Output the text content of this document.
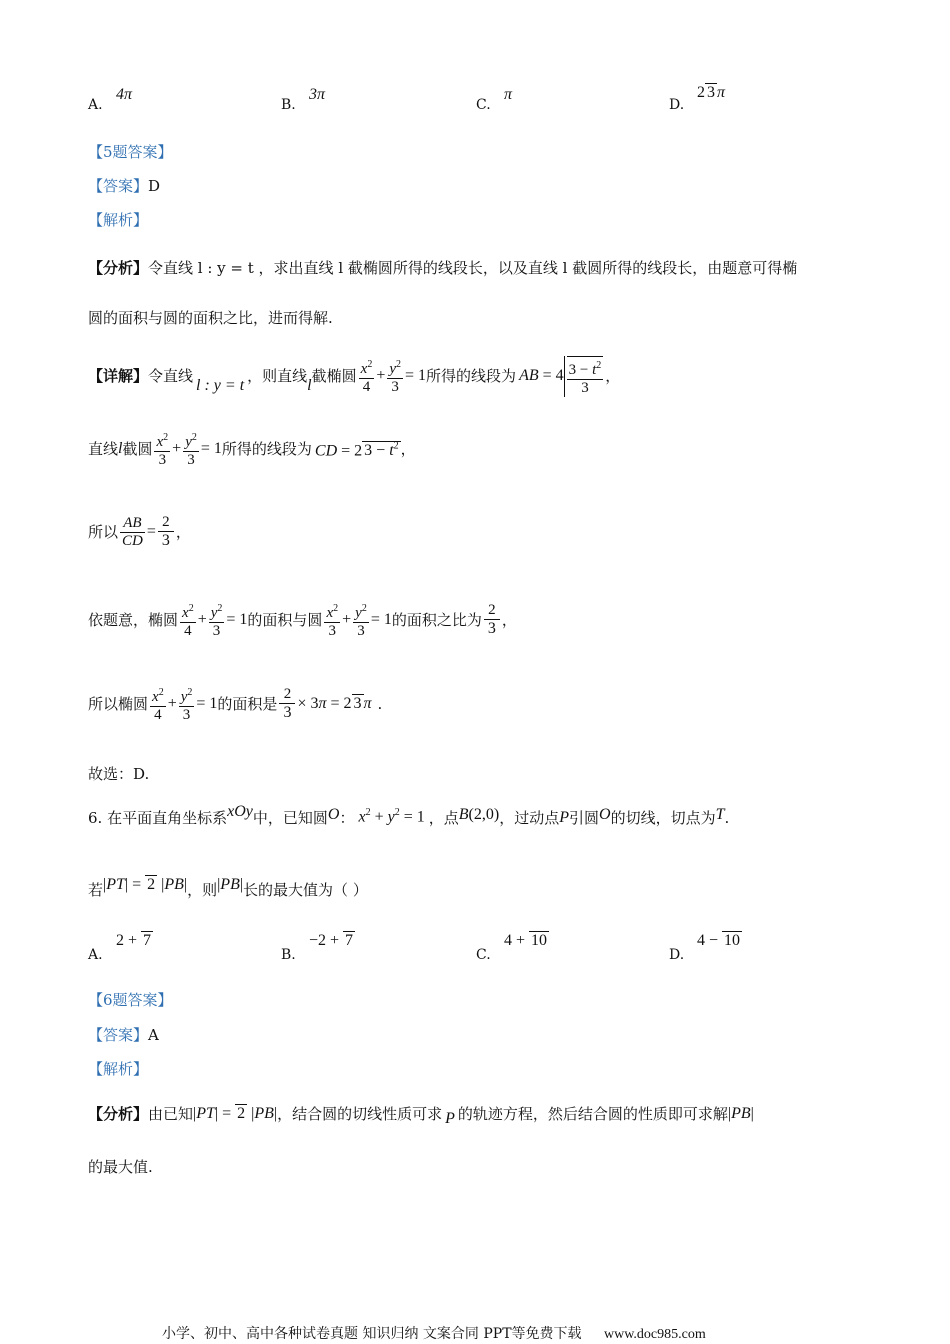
A.
4π
B.
3π
C.
π
D.
2 3 π
【5题答案】
【答案】D
【解析】
【分析】令直线 l : y = t ，求出直线 l 截椭圆所得的线段长，以及直线 l 截圆所得的线段长，由题意可得椭
圆的面积与圆的面积之比，进而得解.
【详解】 令直线
l : y = t
，则直线
l
截椭圆 $\frac{x^2}{4} + \frac{y^2}{3} = 1$ 所得的线段为 AB = $4 \frac{3 - t^2}{3}$ ，
直线 l 截圆 $\frac{x^2}{3} + \frac{y^2}{3} = 1$ 所得的线段为 CD = 2 $3 - t^2$ ，
所以 $\frac{AB}{CD} = \frac{2}{3}$ ，
依题意，椭圆 $\frac{x^2}{4} + \frac{y^2}{3} = 1$ 的面积与圆 $\frac{x^2}{3} + \frac{y^2}{3} = 1$ 的面积之比为 $\frac{2}{3}$ ，
所以椭圆 $\frac{x^2}{4} + \frac{y^2}{3} = 1$ 的面积是 $\frac{2}{3} \times 3\pi = 2$ 3 π .
故选：D.
6. 在平面直角坐标系 xOy 中，已知圆 O ： $x^2 + y^2 = 1$ ，点 B(2,0) ，过动点 P 引圆 O 的切线，切点为 T .
若 |PT| = 2 |PB| ，则 |PB| 长的最大值为（ ）
A.
2 + 7
B.
−2 + 7
C.
4 + 10
D.
4 − 10
【6题答案】
【答案】A
【解析】
【分析】 由已知 |PT| = 2 |PB| ，结合圆的切线性质可求 P 的轨迹方程，然后结合圆的性质即可求解 |PB|
的最大值.
小学、初中、高中各种试卷真题 知识归纳 文案合同 PPT等免费下载 www.doc985.com
